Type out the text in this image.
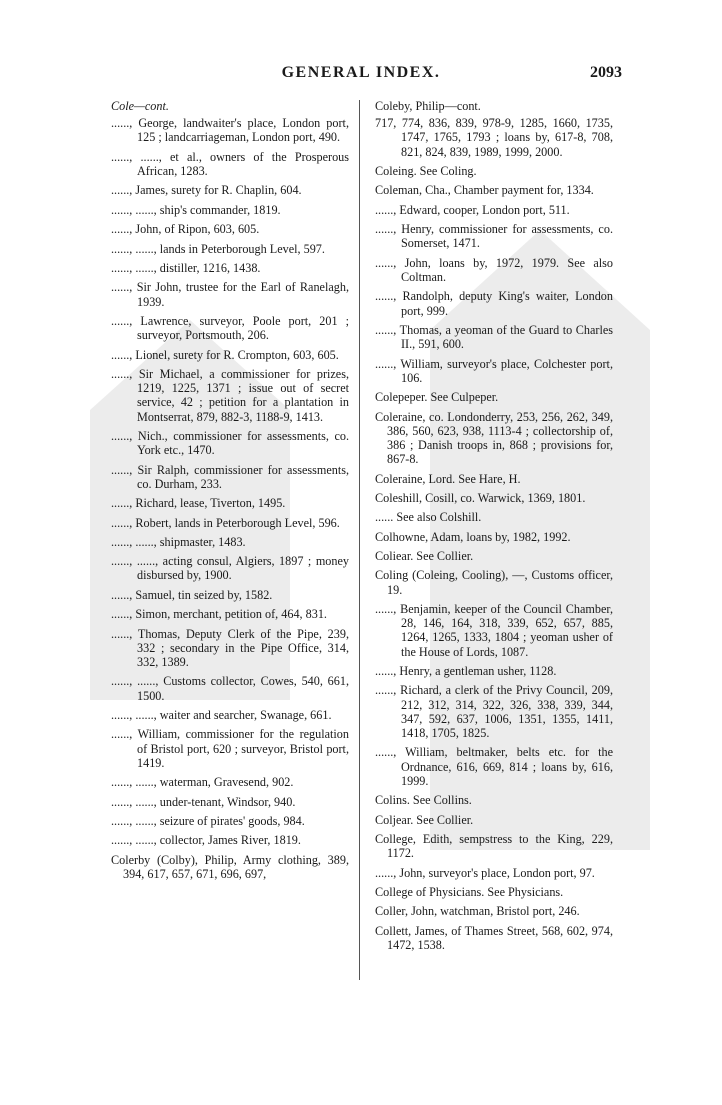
GENERAL INDEX.	2093
Cole—cont.
......, George, landwaiter's place, London port, 125 ; landcarriageman, London port, 490.
......, ......, et al., owners of the Prosperous African, 1283.
......, James, surety for R. Chaplin, 604.
......, ......, ship's commander, 1819.
......, John, of Ripon, 603, 605.
......, ......, lands in Peterborough Level, 597.
......, ......, distiller, 1216, 1438.
......, Sir John, trustee for the Earl of Ranelagh, 1939.
......, Lawrence, surveyor, Poole port, 201 ; surveyor, Portsmouth, 206.
......, Lionel, surety for R. Crompton, 603, 605.
......, Sir Michael, a commissioner for prizes, 1219, 1225, 1371 ; issue out of secret service, 42 ; petition for a plantation in Montserrat, 879, 882-3, 1188-9, 1413.
......, Nich., commissioner for assessments, co. York etc., 1470.
......, Sir Ralph, commissioner for assessments, co. Durham, 233.
......, Richard, lease, Tiverton, 1495.
......, Robert, lands in Peterborough Level, 596.
......, ......, shipmaster, 1483.
......, ......, acting consul, Algiers, 1897 ; money disbursed by, 1900.
......, Samuel, tin seized by, 1582.
......, Simon, merchant, petition of, 464, 831.
......, Thomas, Deputy Clerk of the Pipe, 239, 332 ; secondary in the Pipe Office, 314, 332, 1389.
......, ......, Customs collector, Cowes, 540, 661, 1500.
......, ......, waiter and searcher, Swanage, 661.
......, William, commissioner for the regulation of Bristol port, 620 ; surveyor, Bristol port, 1419.
......, ......, waterman, Gravesend, 902.
......, ......, under-tenant, Windsor, 940.
......, ......, seizure of pirates' goods, 984.
......, ......, collector, James River, 1819.
Colerby (Colby), Philip, Army clothing, 389, 394, 617, 657, 671, 696, 697,
Coleby, Philip—cont.
717, 774, 836, 839, 978-9, 1285, 1660, 1735, 1747, 1765, 1793 ; loans by, 617-8, 708, 821, 824, 839, 1989, 1999, 2000.
Coleing. See Coling.
Coleman, Cha., Chamber payment for, 1334.
......, Edward, cooper, London port, 511.
......, Henry, commissioner for assessments, co. Somerset, 1471.
......, John, loans by, 1972, 1979. See also Coltman.
......, Randolph, deputy King's waiter, London port, 999.
......, Thomas, a yeoman of the Guard to Charles II., 591, 600.
......, William, surveyor's place, Colchester port, 106.
Colepeper. See Culpeper.
Coleraine, co. Londonderry, 253, 256, 262, 349, 386, 560, 623, 938, 1113-4 ; collectorship of, 386 ; Danish troops in, 868 ; provisions for, 867-8.
Coleraine, Lord. See Hare, H.
Coleshill, Cosill, co. Warwick, 1369, 1801.
...... See also Colshill.
Colhowne, Adam, loans by, 1982, 1992.
Coliear. See Collier.
Coling (Coleing, Cooling), —, Customs officer, 19.
......, Benjamin, keeper of the Council Chamber, 28, 146, 164, 318, 339, 652, 657, 885, 1264, 1265, 1333, 1804 ; yeoman usher of the House of Lords, 1087.
......, Henry, a gentleman usher, 1128.
......, Richard, a clerk of the Privy Council, 209, 212, 312, 314, 322, 326, 338, 339, 344, 347, 592, 637, 1006, 1351, 1355, 1411, 1418, 1705, 1825.
......, William, beltmaker, belts etc. for the Ordnance, 616, 669, 814 ; loans by, 616, 1999.
Colins. See Collins.
Coljear. See Collier.
College, Edith, sempstress to the King, 229, 1172.
......, John, surveyor's place, London port, 97.
College of Physicians. See Physicians.
Coller, John, watchman, Bristol port, 246.
Collett, James, of Thames Street, 568, 602, 974, 1472, 1538.
